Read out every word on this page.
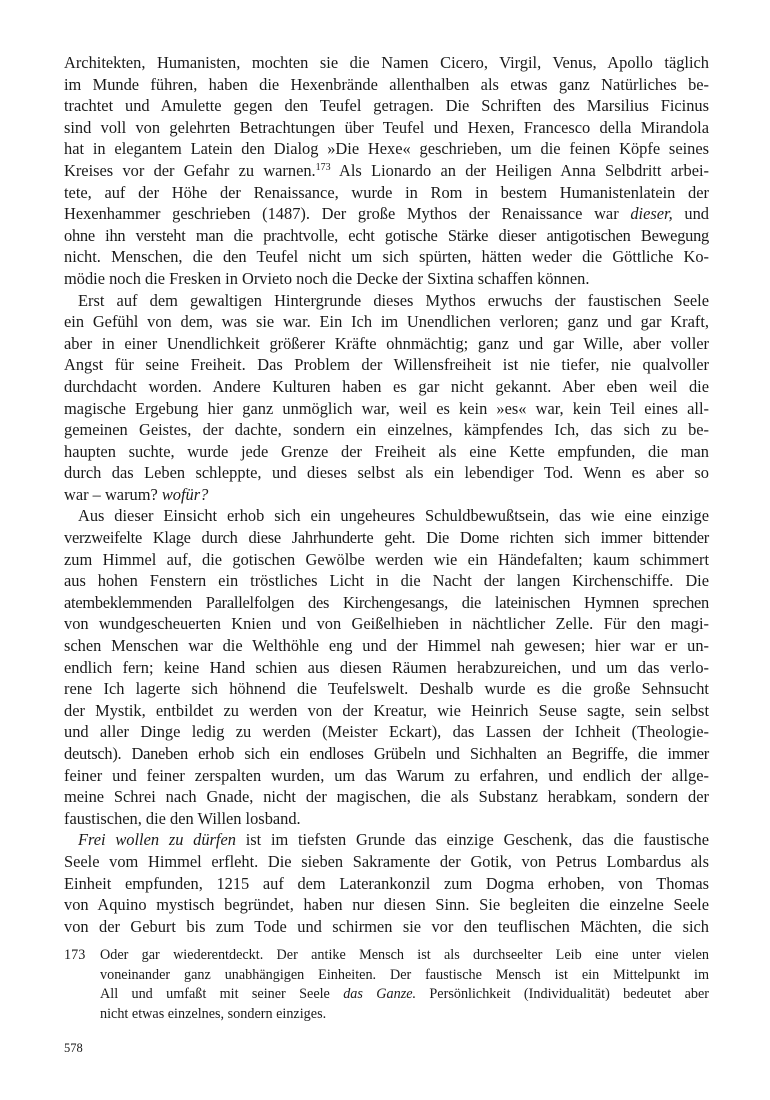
Architekten, Humanisten, mochten sie die Namen Cicero, Virgil, Venus, Apollo täglich
im Munde führen, haben die Hexenbrände allenthalben als etwas ganz Natürliches be-
trachtet und Amulette gegen den Teufel getragen. Die Schriften des Marsilius Ficinus
sind voll von gelehrten Betrachtungen über Teufel und Hexen, Francesco della Mirandola
hat in elegantem Latein den Dialog »Die Hexe« geschrieben, um die feinen Köpfe seines
Kreises vor der Gefahr zu warnen.$^{173}$ Als Lionardo an der Heiligen Anna Selbdritt arbei-
tete, auf der Höhe der Renaissance, wurde in Rom in bestem Humanistenlatein der
Hexenhammer geschrieben (1487). Der große Mythos der Renaissance war dieser, und
ohne ihn versteht man die prachtvolle, echt gotische Stärke dieser antigotischen Bewegung
nicht. Menschen, die den Teufel nicht um sich spürten, hätten weder die Göttliche Ko-
mödie noch die Fresken in Orvieto noch die Decke der Sixtina schaffen können.
Erst auf dem gewaltigen Hintergrunde dieses Mythos erwuchs der faustischen Seele
ein Gefühl von dem, was sie war. Ein Ich im Unendlichen verloren; ganz und gar Kraft,
aber in einer Unendlichkeit größerer Kräfte ohnmächtig; ganz und gar Wille, aber voller
Angst für seine Freiheit. Das Problem der Willensfreiheit ist nie tiefer, nie qualvoller
durchdacht worden. Andere Kulturen haben es gar nicht gekannt. Aber eben weil die
magische Ergebung hier ganz unmöglich war, weil es kein »es« war, kein Teil eines all-
gemeinen Geistes, der dachte, sondern ein einzelnes, kämpfendes Ich, das sich zu be-
haupten suchte, wurde jede Grenze der Freiheit als eine Kette empfunden, die man
durch das Leben schleppte, und dieses selbst als ein lebendiger Tod. Wenn es aber so
war – warum? wofür?
Aus dieser Einsicht erhob sich ein ungeheures Schuldbewußtsein, das wie eine einzige
verzweifelte Klage durch diese Jahrhunderte geht. Die Dome richten sich immer bittender
zum Himmel auf, die gotischen Gewölbe werden wie ein Händefalten; kaum schimmert
aus hohen Fenstern ein tröstliches Licht in die Nacht der langen Kirchenschiffe. Die
atembeklemmenden Parallelfolgen des Kirchengesangs, die lateinischen Hymnen sprechen
von wundgescheuerten Knien und von Geißelhieben in nächtlicher Zelle. Für den magi-
schen Menschen war die Welthöhle eng und der Himmel nah gewesen; hier war er un-
endlich fern; keine Hand schien aus diesen Räumen herabzureichen, und um das verlo-
rene Ich lagerte sich höhnend die Teufelswelt. Deshalb wurde es die große Sehnsucht
der Mystik, entbildet zu werden von der Kreatur, wie Heinrich Seuse sagte, sein selbst
und aller Dinge ledig zu werden (Meister Eckart), das Lassen der Ichheit (Theologie-
deutsch). Daneben erhob sich ein endloses Grübeln und Sichhalten an Begriffe, die immer
feiner und feiner zerspalten wurden, um das Warum zu erfahren, und endlich der allge-
meine Schrei nach Gnade, nicht der magischen, die als Substanz herabkam, sondern der
faustischen, die den Willen losband.
Frei wollen zu dürfen ist im tiefsten Grunde das einzige Geschenk, das die faustische
Seele vom Himmel erfleht. Die sieben Sakramente der Gotik, von Petrus Lombardus als
Einheit empfunden, 1215 auf dem Laterankonzil zum Dogma erhoben, von Thomas
von Aquino mystisch begründet, haben nur diesen Sinn. Sie begleiten die einzelne Seele
von der Geburt bis zum Tode und schirmen sie vor den teuflischen Mächten, die sich
173 Oder gar wiederentdeckt. Der antike Mensch ist als durchseelter Leib eine unter vielen
voneinander ganz unabhängigen Einheiten. Der faustische Mensch ist ein Mittelpunkt im
All und umfaßt mit seiner Seele das Ganze. Persönlichkeit (Individualität) bedeutet aber
nicht etwas einzelnes, sondern einziges.
578
